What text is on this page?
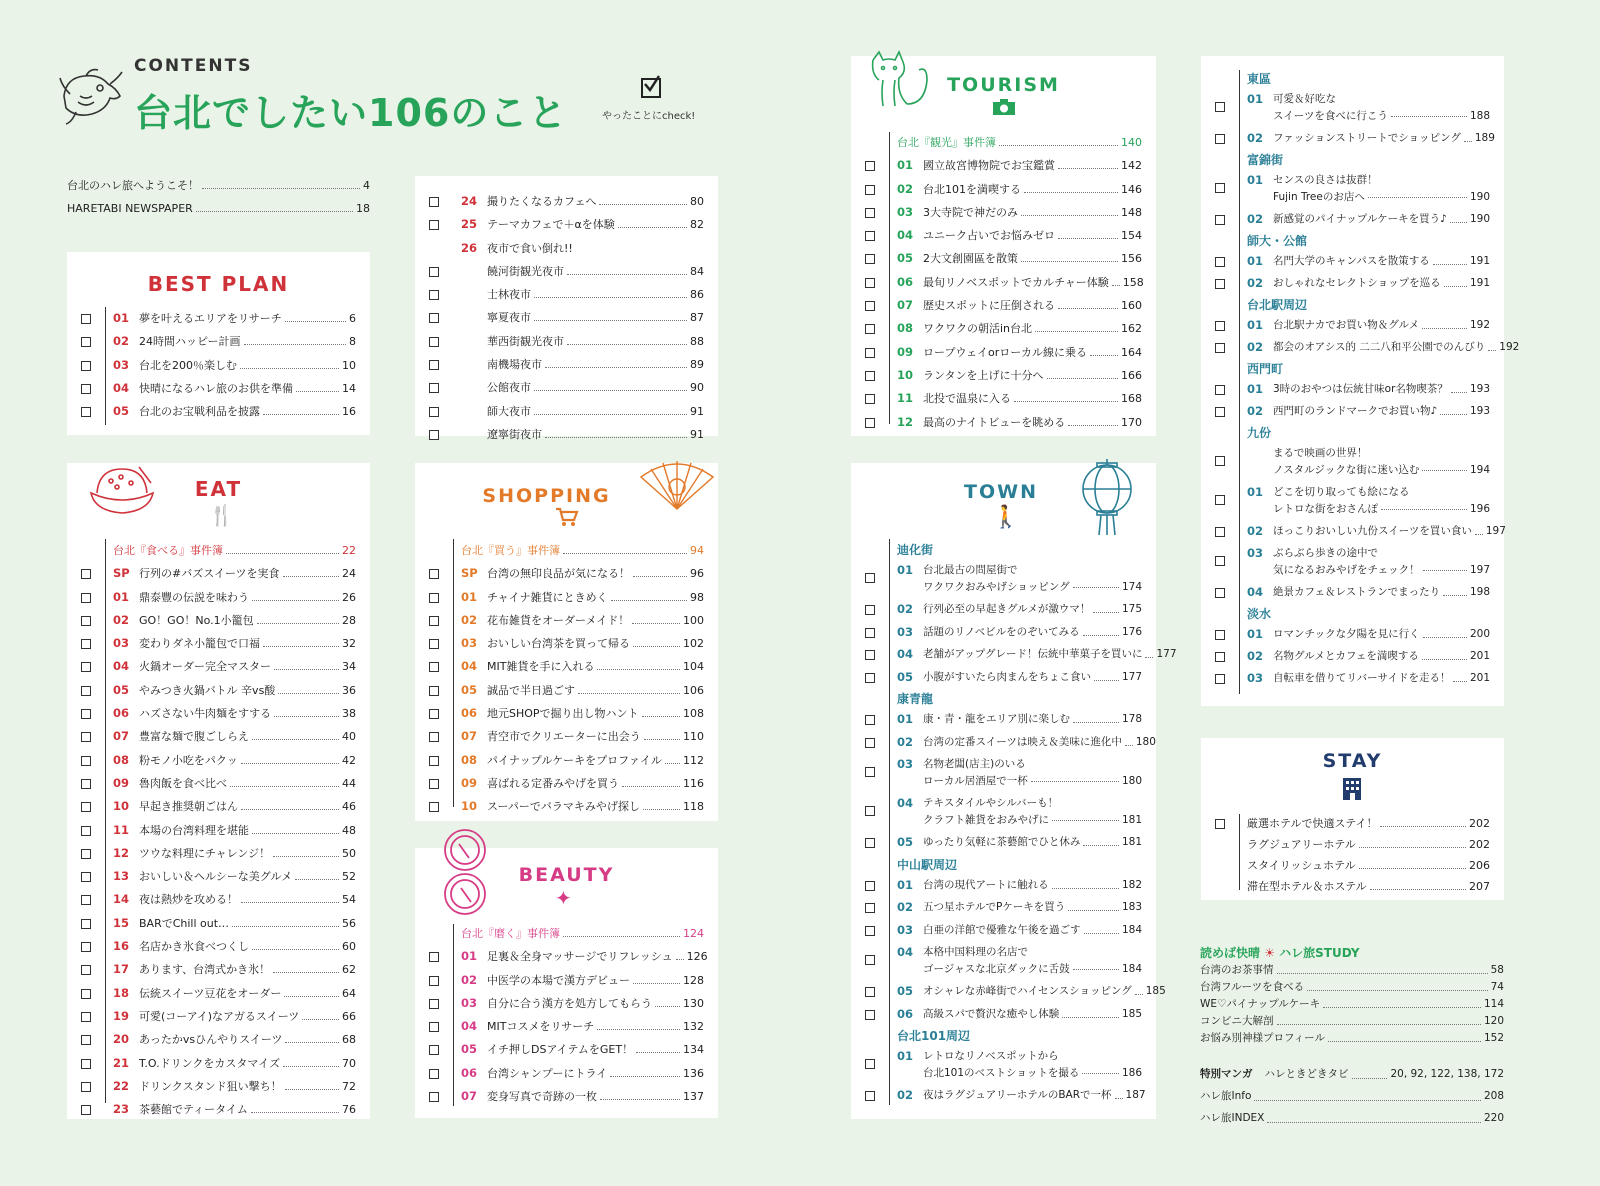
CONTENTS
台北でしたい106のこと	やったことにcheck!
台北のハレ旅へようこそ！	4
HARETABI NEWSPAPER	18
BEST PLAN
01 夢を叶えるエリアをリサーチ	6
02 24時間ハッピー計画	8
03 台北を200％楽しむ	10
04 快晴になるハレ旅のお供を準備	14
05 台北のお宝戦利品を披露	16
24 撮りたくなるカフェへ	80
25 テーマカフェで＋αを体験	82
26 夜市で食い倒れ!!
饒河街観光夜市	84
士林夜市	86
寧夏夜市	87
華西街観光夜市	88
南機場夜市	89
公館夜市	90
師大夜市	91
遼寧街夜市	91
EAT
🍴
台北『食べる』事件簿	22
SP 行列の#バズスイーツを実食	24
01 鼎泰豐の伝説を味わう	26
02 GO！GO！No.1小籠包	28
03 変わりダネ小籠包で口福	32
04 火鍋オーダー完全マスター	34
05 やみつき火鍋バトル 辛vs酸	36
06 ハズさない牛肉麺をすする	38
07 豊富な麺で腹ごしらえ	40
08 粉モノ小吃をパクッ	42
09 魯肉飯を食べ比べ	44
10 早起き推奨朝ごはん	46
11 本場の台湾料理を堪能	48
12 ツウな料理にチャレンジ！	50
13 おいしい＆ヘルシーな美グルメ	52
14 夜は熱炒を攻める！	54
15 BARでChill out…	56
16 名店かき氷食べつくし	60
17 あります、台湾式かき氷！	62
18 伝統スイーツ豆花をオーダー	64
19 可愛(コーアイ)なアガるスイーツ	66
20 あったかvsひんやりスイーツ	68
21 T.O.ドリンクをカスタマイズ	70
22 ドリンクスタンド狙い撃ち！	72
23 茶藝館でティータイム	76
SHOPPING
台北『買う』事件簿	94
SP 台湾の無印良品が気になる！	96
01 チャイナ雑貨にときめく	98
02 花布雑貨をオーダーメイド！	100
03 おいしい台湾茶を買って帰る	102
04 MIT雑貨を手に入れる	104
05 誠品で半日過ごす	106
06 地元SHOPで掘り出し物ハント	108
07 青空市でクリエーターに出会う	110
08 パイナップルケーキをプロファイル 112
09 喜ばれる定番みやげを買う	116
10 スーパーでバラマキみやげ探し	118
BEAUTY
✦
台北『磨く』事件簿	124
01 足裏＆全身マッサージでリフレッシュ 126
02 中医学の本場で漢方デビュー	128
03 自分に合う漢方を処方してもらう	130
04 MITコスメをリサーチ	132
05 イチ押しDSアイテムをGET！	134
06 台湾シャンプーにトライ	136
07 変身写真で奇跡の一枚	137
TOURISM
台北『観光』事件簿	140
01 國立故宮博物院でお宝鑑賞	142
02 台北101を満喫する	146
03 3大寺院で神だのみ	148
04 ユニーク占いでお悩みゼロ	154
05 2大文創園區を散策	156
06 最旬リノベスポットでカルチャー体験 158
07 歴史スポットに圧倒される	160
08 ワクワクの朝活in台北	162
09 ロープウェイorローカル線に乗る	164
10 ランタンを上げに十分へ	166
11 北投で温泉に入る	168
12 最高のナイトビューを眺める	170
TOWN
🚶
迪化街
01 台北最古の問屋街で
ワクワクおみやげショッピング	174
02 行列必至の早起きグルメが激ウマ！	175
03 話題のリノベビルをのぞいてみる	176
04 老舗がアップグレード！伝統中華菓子を買いに 177
05 小腹がすいたら肉まんをちょこ食い	177
康青龍
01 康・青・龍をエリア別に楽しむ	178
02 台湾の定番スイーツは映え＆美味に進化中 180
03 名物老闆(店主)のいる
ローカル居酒屋で一杯	180
04 テキスタイルやシルバーも！
クラフト雑貨をおみやげに	181
05 ゆったり気軽に茶藝館でひと休み	181
中山駅周辺
01 台湾の現代アートに触れる	182
02 五つ星ホテルでPケーキを買う	183
03 白亜の洋館で優雅な午後を過ごす	184
04 本格中国料理の名店で
ゴージャスな北京ダックに舌鼓	184
05 オシャレな赤峰街でハイセンスショッピング 185
06 高級スパで贅沢な癒やし体験	185
台北101周辺
01 レトロなリノベスポットから
台北101のベストショットを撮る	186
02 夜はラグジュアリーホテルのBARで一杯 187
東區
01 可愛＆好吃な
スイーツを食べに行こう	188
02 ファッションストリートでショッピング 189
富錦街
01 センスの良さは抜群！
Fujin Treeのお店へ	190
02 新感覚のパイナップルケーキを買う♪ 190
師大・公館
01 名門大学のキャンパスを散策する	191
02 おしゃれなセレクトショップを巡る	191
台北駅周辺
01 台北駅ナカでお買い物＆グルメ	192
02 都会のオアシス的 二二八和平公園でのんびり 192
西門町
01 3時のおやつは伝統甘味or名物喫茶？ 193
02 西門町のランドマークでお買い物♪	193
九份
まるで映画の世界！
ノスタルジックな街に迷い込む	194
01 どこを切り取っても絵になる
レトロな街をおさんぽ	196
02 ほっこりおいしい九份スイーツを買い食い 197
03 ぶらぶら歩きの途中で
気になるおみやげをチェック！	197
04 絶景カフェ＆レストランでまったり	198
淡水
01 ロマンチックな夕陽を見に行く	200
02 名物グルメとカフェを満喫する	201
03 自転車を借りてリバーサイドを走る！ 201
STAY
厳選ホテルで快適ステイ！	202
ラグジュアリーホテル	202
スタイリッシュホテル	206
滞在型ホテル＆ホステル	207
読めば快晴 ☀ ハレ旅STUDY
台湾のお茶事情	58
台湾フルーツを食べる	74
WE♡パイナップルケーキ	114
コンビニ大解剖	120
お悩み別神様プロフィール	152
特別マンガ ハレときどきタビ	20, 92, 122, 138, 172
ハレ旅Info	208
ハレ旅INDEX	220
